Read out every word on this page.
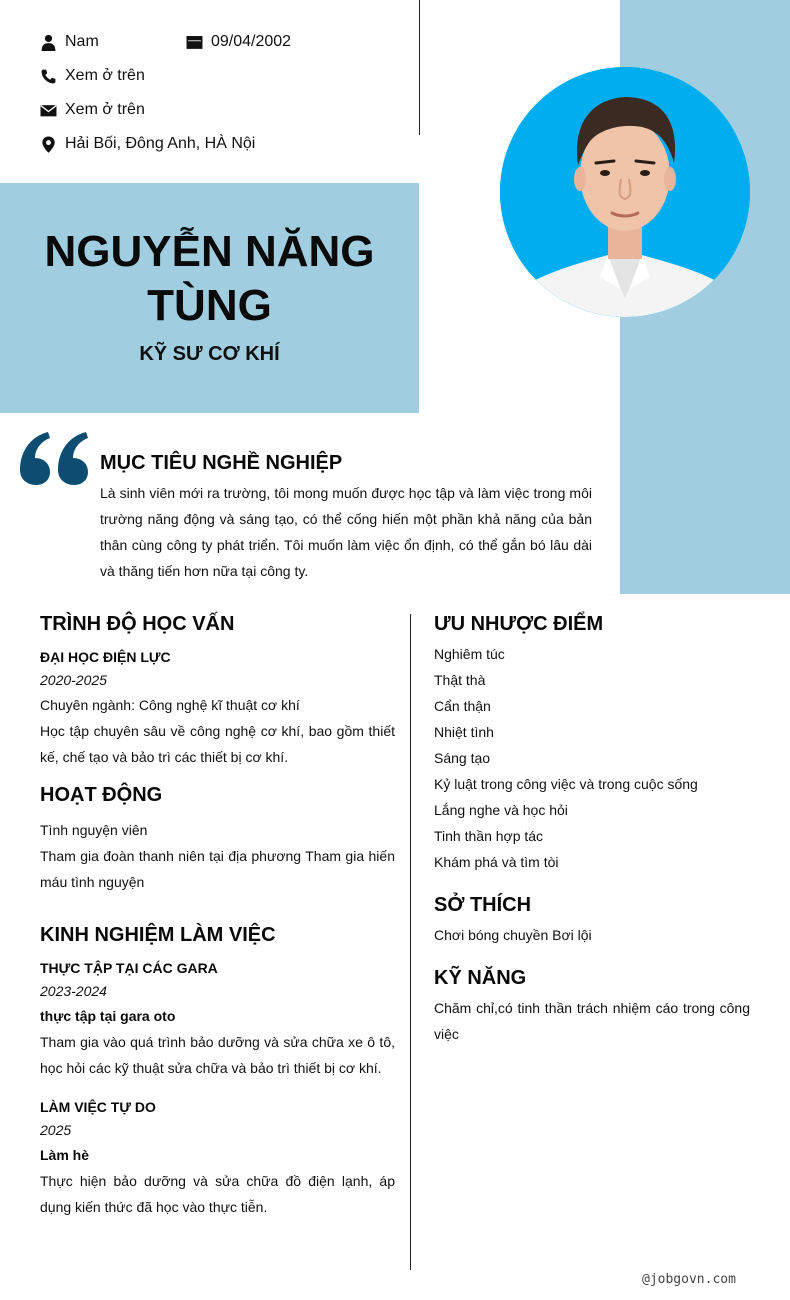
Nam	09/04/2002
Xem ở trên
Xem ở trên
Hải Bối, Đông Anh, HÀ Nội
NGUYỄN NĂNG
TÙNG
KỸ SƯ CƠ KHÍ
MỤC TIÊU NGHỀ NGHIỆP
Là sinh viên mới ra trường, tôi mong muốn được học tập và làm việc trong môi trường năng động và sáng tạo, có thể cống hiến một phần khả năng của bản thân cùng công ty phát triển. Tôi muốn làm việc ổn định, có thể gắn bó lâu dài và thăng tiến hơn nữa tại công ty.
TRÌNH ĐỘ HỌC VẤN
ĐẠI HỌC ĐIỆN LỰC
2020-2025
Chuyên ngành: Công nghệ kĩ thuật cơ khí
Học tập chuyên sâu về công nghệ cơ khí, bao gồm thiết kế, chế tạo và bảo trì các thiết bị cơ khí.
HOẠT ĐỘNG
Tình nguyện viên
Tham gia đoàn thanh niên tại địa phương Tham gia hiến máu tình nguyện
KINH NGHIỆM LÀM VIỆC
THỰC TẬP TẠI CÁC GARA
2023-2024
thực tập tại gara oto
Tham gia vào quá trình bảo dưỡng và sửa chữa xe ô tô, học hỏi các kỹ thuật sửa chữa và bảo trì thiết bị cơ khí.
LÀM VIỆC TỰ DO
2025
Làm hè
Thực hiện bảo dưỡng và sửa chữa đồ điện lạnh, áp dụng kiến thức đã học vào thực tiễn.
ƯU NHƯỢC ĐIỂM
Nghiêm túc
Thật thà
Cẩn thận
Nhiệt tình
Sáng tạo
Kỷ luật trong công việc và trong cuộc sống
Lắng nghe và học hỏi
Tinh thần hợp tác
Khám phá và tìm tòi
SỞ THÍCH
Chơi bóng chuyền Bơi lội
KỸ NĂNG
Chăm chỉ,có tinh thần trách nhiệm cáo trong công việc
@jobgovn.com
